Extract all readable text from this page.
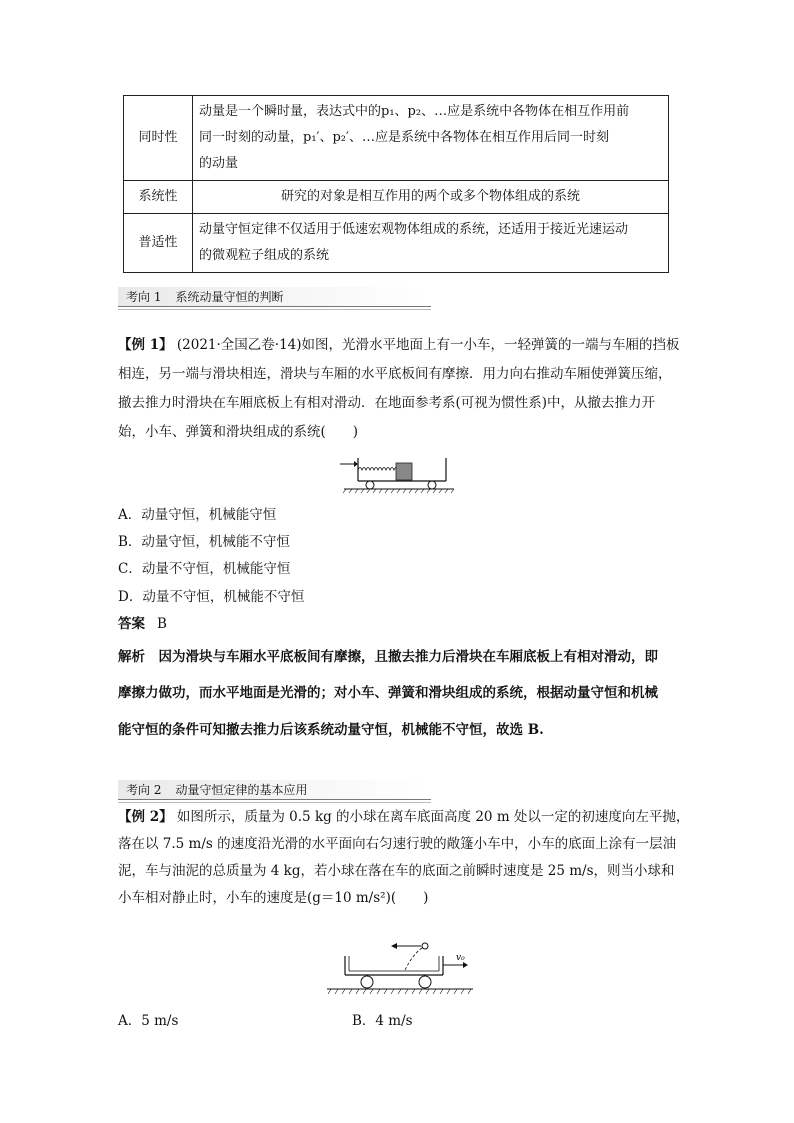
同时性	动量是一个瞬时量，表达式中的p₁、p₂、…应是系统中各物体在相互作用前
同一时刻的动量，p₁′、p₂′、…应是系统中各物体在相互作用后同一时刻
的动量

系统性	研究的对象是相互作用的两个或多个物体组成的系统

普适性	动量守恒定律不仅适用于低速宏观物体组成的系统，还适用于接近光速运动
的微观粒子组成的系统
考向 1 系统动量守恒的判断
【例 1】 (2021·全国乙卷·14)如图，光滑水平地面上有一小车，一轻弹簧的一端与车厢的挡板
相连，另一端与滑块相连，滑块与车厢的水平底板间有摩擦．用力向右推动车厢使弹簧压缩，
撤去推力时滑块在车厢底板上有相对滑动．在地面参考系(可视为惯性系)中，从撤去推力开
始，小车、弹簧和滑块组成的系统(　　)
A．动量守恒，机械能守恒
B．动量守恒，机械能不守恒
C．动量不守恒，机械能守恒
D．动量不守恒，机械能不守恒
答案 B
解析　 因为滑块与车厢水平底板间有摩擦，且撤去推力后滑块在车厢底板上有相对滑动，即
摩擦力做功，而水平地面是光滑的；对小车、弹簧和滑块组成的系统，根据动量守恒和机械
能守恒的条件可知撤去推力后该系统动量守恒，机械能不守恒，故选 B.
考向 2 动量守恒定律的基本应用
【例 2】 如图所示，质量为 0.5 kg 的小球在离车底面高度 20 m 处以一定的初速度向左平抛，
落在以 7.5 m/s 的速度沿光滑的水平面向右匀速行驶的敞篷小车中，小车的底面上涂有一层油
泥，车与油泥的总质量为 4 kg，若小球在落在车的底面之前瞬时速度是 25 m/s，则当小球和
小车相对静止时，小车的速度是(g＝10 m/s²)(　　)
v₀
A．5 m/s	B．4 m/s
